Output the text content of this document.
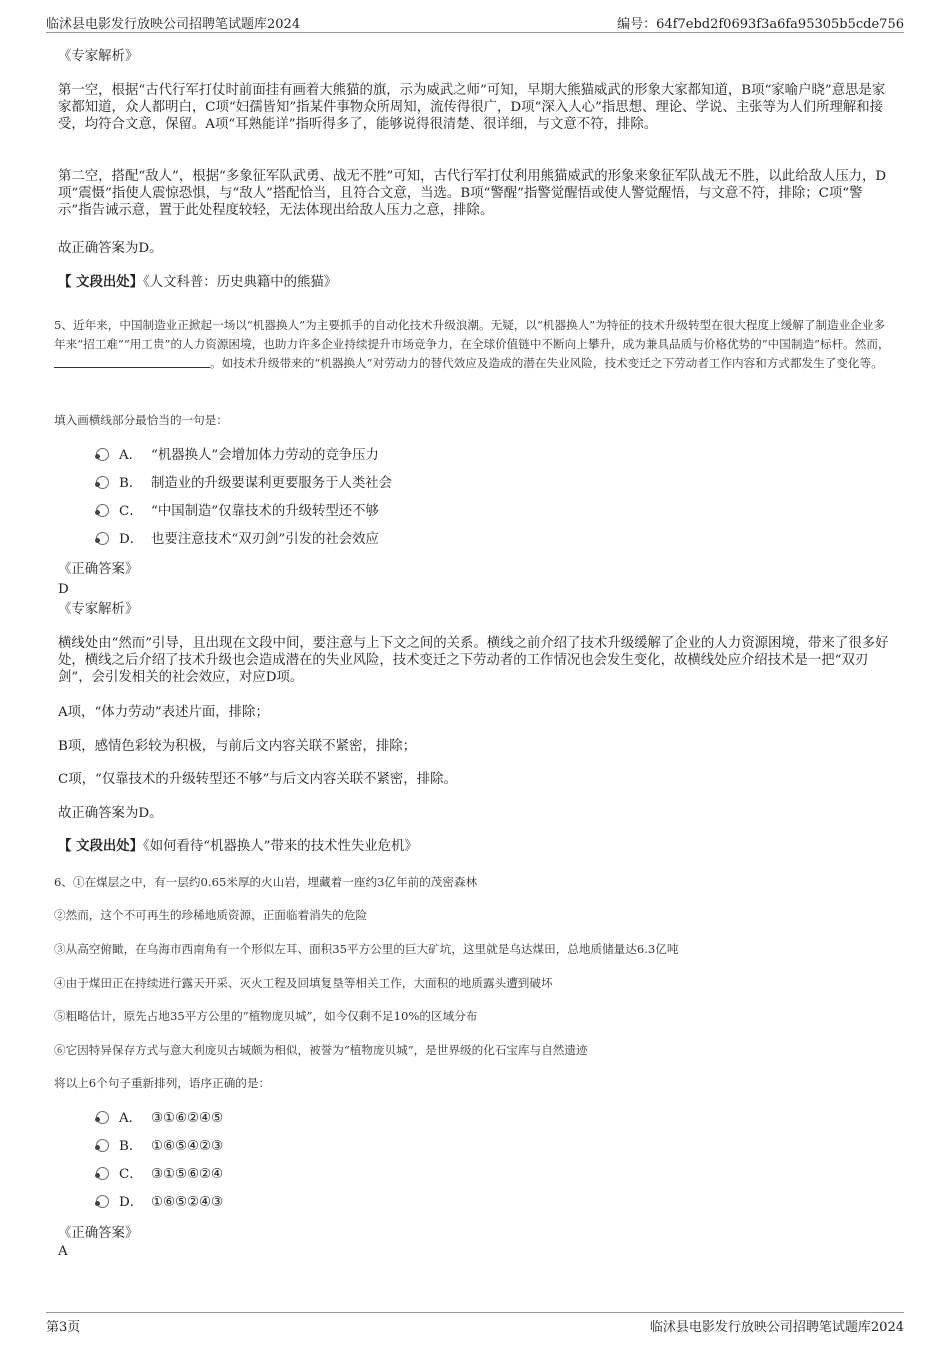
临沭县电影发行放映公司招聘笔试题库2024	编号：64f7ebd2f0693f3a6fa95305b5cde756
《专家解析》
第一空，根据“古代行军打仗时前面挂有画着大熊猫的旗，示为威武之师”可知，早期大熊猫威武的形象大家都知道，B项“家喻户晓”意思是家家都知道，众人都明白，C项“妇孺皆知”指某件事物众所周知，流传得很广，D项“深入人心”指思想、理论、学说、主张等为人们所理解和接受，均符合文意，保留。A项“耳熟能详”指听得多了，能够说得很清楚、很详细，与文意不符，排除。
第二空，搭配“敌人”，根据“多象征军队武勇、战无不胜”可知，古代行军打仗利用熊猫威武的形象来象征军队战无不胜，以此给敌人压力，D项“震慑”指使人震惊恐惧，与“敌人”搭配恰当，且符合文意，当选。B项“警醒”指警觉醒悟或使人警觉醒悟，与文意不符，排除；C项“警示”指告诫示意，置于此处程度较轻，无法体现出给敌人压力之意，排除。
故正确答案为D。
【 文段出处】《人文科普：历史典籍中的熊猫》
5、近年来，中国制造业正掀起一场以“机器换人”为主要抓手的自动化技术升级浪潮。无疑，以“机器换人”为特征的技术升级转型在很大程度上缓解了制造业企业多年来“招工难”“用工贵”的人力资源困境，也助力许多企业持续提升市场竞争力，在全球价值链中不断向上攀升，成为兼具品质与价格优势的“中国制造”标杆。然而，。如技术升级带来的“机器换人”对劳动力的替代效应及造成的潜在失业风险，技术变迁之下劳动者工作内容和方式都发生了变化等。
填入画横线部分最恰当的一句是：
A． “机器换人”会增加体力劳动的竞争压力
B． 制造业的升级要谋利更要服务于人类社会
C． “中国制造”仅靠技术的升级转型还不够
D． 也要注意技术“双刃剑”引发的社会效应
《正确答案》
D
《专家解析》
横线处由“然而”引导，且出现在文段中间，要注意与上下文之间的关系。横线之前介绍了技术升级缓解了企业的人力资源困境，带来了很多好处，横线之后介绍了技术升级也会造成潜在的失业风险，技术变迁之下劳动者的工作情况也会发生变化，故横线处应介绍技术是一把“双刃剑”，会引发相关的社会效应，对应D项。
A项，“体力劳动”表述片面，排除；
B项，感情色彩较为积极，与前后文内容关联不紧密，排除；
C项，“仅靠技术的升级转型还不够”与后文内容关联不紧密，排除。
故正确答案为D。
【 文段出处】《如何看待“机器换人”带来的技术性失业危机》
6、①在煤层之中，有一层约0.65米厚的火山岩，埋藏着一座约3亿年前的茂密森林
②然而，这个不可再生的珍稀地质资源，正面临着消失的危险
③从高空俯瞰，在乌海市西南角有一个形似左耳、面积35平方公里的巨大矿坑，这里就是乌达煤田，总地质储量达6.3亿吨
④由于煤田正在持续进行露天开采、灭火工程及回填复垦等相关工作，大面积的地质露头遭到破坏
⑤粗略估计，原先占地35平方公里的“植物庞贝城”，如今仅剩不足10%的区域分布
⑥它因特异保存方式与意大利庞贝古城颇为相似，被誉为“植物庞贝城”，是世界级的化石宝库与自然遗迹
将以上6个句子重新排列，语序正确的是：
A． ③①⑥②④⑤
B． ①⑥⑤④②③
C． ③①⑤⑥②④
D． ①⑥⑤②④③
《正确答案》
A
第3页	临沭县电影发行放映公司招聘笔试题库2024
